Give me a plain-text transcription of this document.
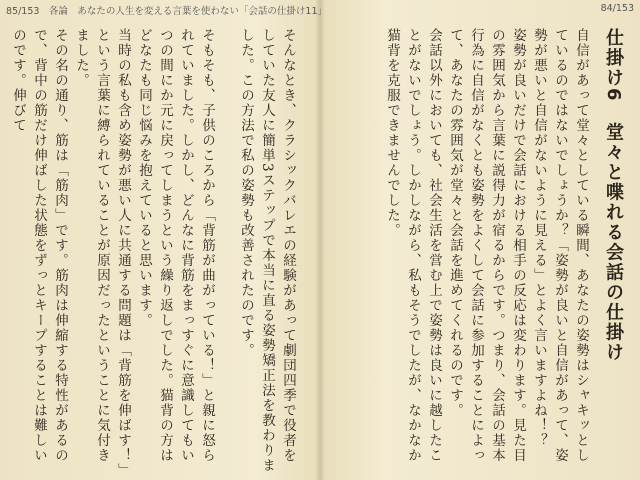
85/153　各論　あなたの人生を変える言葉を使わない「会話の仕掛け11」	84/153

仕掛け6　堂々と喋れる会話の仕掛け

自信があって堂々としている瞬間、あなたの姿勢はシャキッとしているのではないでしょうか？「姿勢が良いと自信があって、姿勢が悪いと自信がないように見える」とよく言いますよね！？

姿勢が良いだけで会話における相手の反応は変わります。見た目の雰囲気から言葉に説得力が宿るからです。つまり、会話の基本行為に自信がなくとも姿勢をよくして会話に参加することによって、あなたの雰囲気が堂々と会話を進めてくれるのです。

会話以外においても、社会生活を営む上で姿勢は良いに越したことがないでしょう。しかしながら、私もそうでしたが、なかなか猫背を克服できませんでした。

そんなとき、クラシックバレエの経験があって劇団四季で役者をしていた友人に簡単3ステップで本当に直る姿勢矯正法を教わりました。この方法で私の姿勢も改善されたのです。

そもそも、子供のころから「背筋が曲がっている！」と親に怒られていました。しかし、どんなに背筋をまっすぐに意識してもいつの間にか元に戻ってしまうという繰り返しでした。猫背の方はどなたも同じ悩みを抱えていると思います。

当時の私も含め姿勢が悪い人に共通する問題は「背筋を伸ばす！」という言葉に縛られていることが原因だったということに気付きました。

その名の通り、筋は「筋肉」です。筋肉は伸縮する特性があるので、背中の筋だけ伸ばした状態をずっとキープすることは難しいのです。伸びて
